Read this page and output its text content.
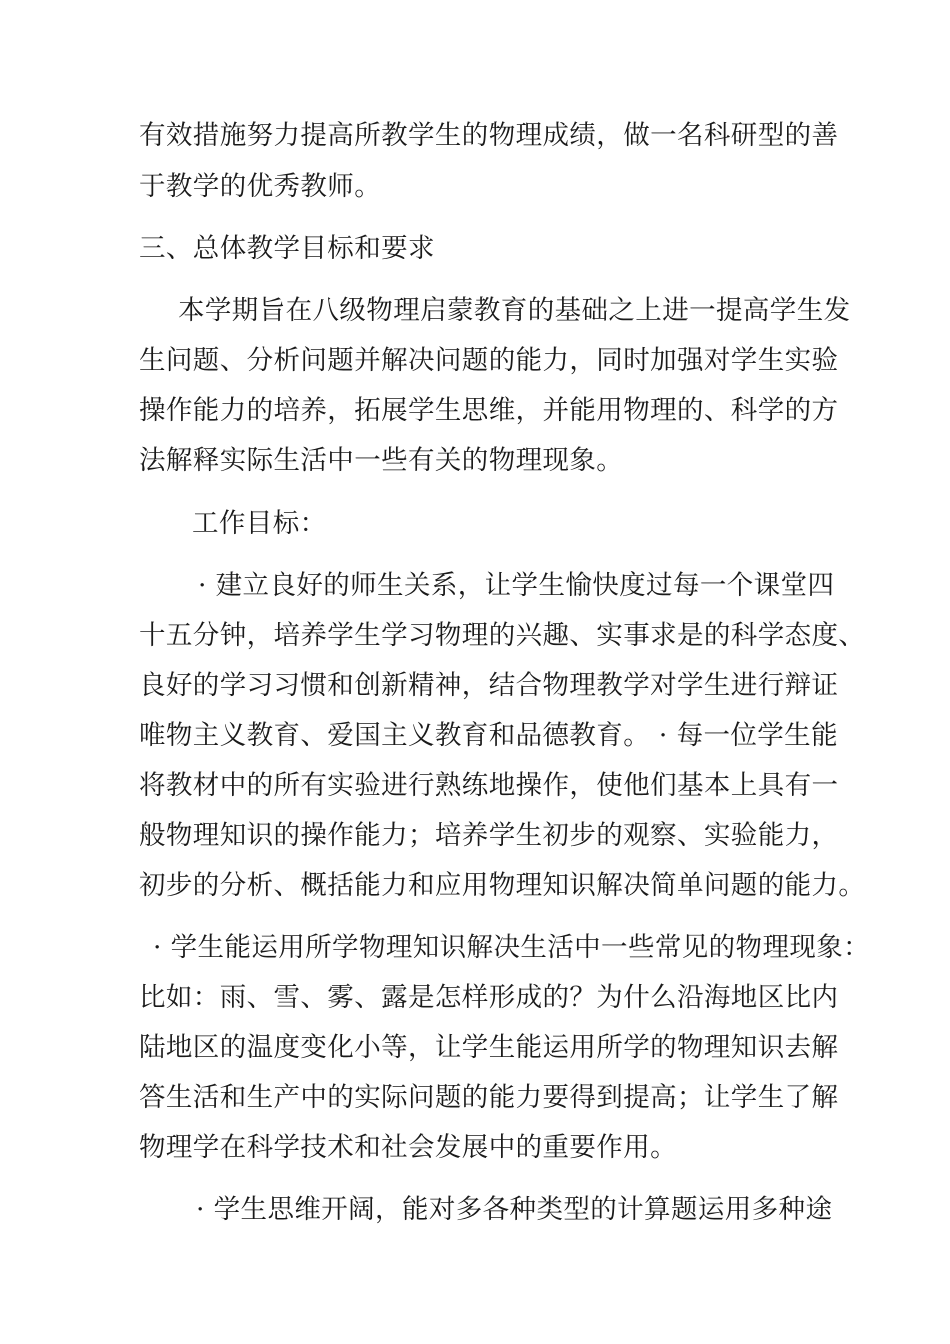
有效措施努力提高所教学生的物理成绩，做一名科研型的善

于教学的优秀教师。

三、总体教学目标和要求

本学期旨在八级物理启蒙教育的基础之上进一提高学生发

生问题、分析问题并解决问题的能力，同时加强对学生实验

操作能力的培养，拓展学生思维，并能用物理的、科学的方

法解释实际生活中一些有关的物理现象。

工作目标：

· 建立良好的师生关系，让学生愉快度过每一个课堂四

十五分钟，培养学生学习物理的兴趣、实事求是的科学态度、

良好的学习习惯和创新精神，结合物理教学对学生进行辩证

唯物主义教育、爱国主义教育和品德教育。 · 每一位学生能

将教材中的所有实验进行熟练地操作，使他们基本上具有一

般物理知识的操作能力；培养学生初步的观察、实验能力，

初步的分析、概括能力和应用物理知识解决简单问题的能力。

· 学生能运用所学物理知识解决生活中一些常见的物理现象：

比如：雨、雪、雾、露是怎样形成的？为什么沿海地区比内

陆地区的温度变化小等，让学生能运用所学的物理知识去解

答生活和生产中的实际问题的能力要得到提高；让学生了解

物理学在科学技术和社会发展中的重要作用。

· 学生思维开阔，能对多各种类型的计算题运用多种途
